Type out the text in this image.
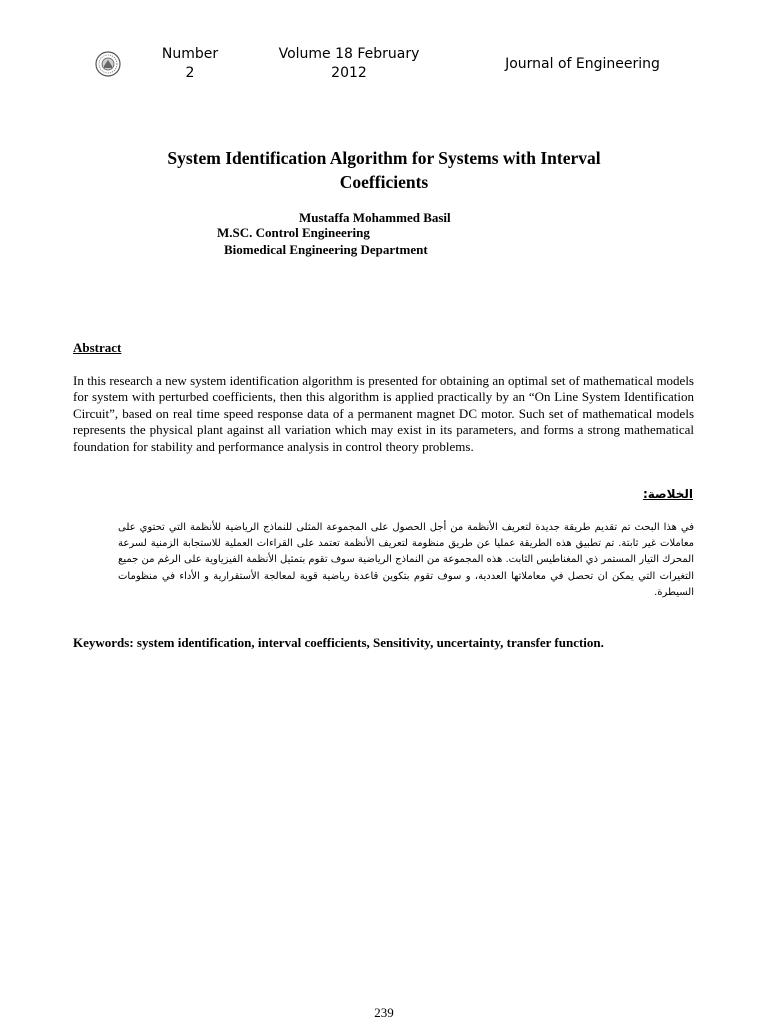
Number
2
Volume 18 February
2012
Journal of Engineering
System Identification Algorithm for Systems with Interval
Coefficients
Mustaffa Mohammed Basil
M.SC. Control Engineering
Biomedical Engineering Department
Abstract

In this research a new system identification algorithm is presented for obtaining an optimal set of mathematical models for system with perturbed coefficients, then this algorithm is applied practically by an “On Line System Identification Circuit”, based on real time speed response data of a permanent magnet DC motor. Such set of mathematical models represents the physical plant against all variation which may exist in its parameters, and forms a strong mathematical foundation for stability and performance analysis in control theory problems.

الخلاصة:

في هذا البحث تم تقديم طريقة جديدة لتعريف الأنظمة من أجل الحصول على المجموعة المثلى للنماذج الرياضية للأنظمة التي تحتوي على معاملات غير ثابتة. تم تطبيق هذه الطريقة عمليا عن طريق منظومة لتعريف الأنظمة تعتمد على القراءات العملية للاستجابة الزمنية لسرعة المحرك التيار المستمر ذي المغناطيس الثابت. هذه المجموعة من النماذج الرياضية سوف تقوم بتمثيل الأنظمة الفيزياوية على الرغم من جميع التغيرات التي يمكن ان تحصل في معاملاتها العددية، و سوف تقوم بتكوين قاعدة رياضية قوية لمعالجة الأستقرارية و الأداء في منظومات السيطرة.

Keywords: system identification, interval coefficients, Sensitivity, uncertainty, transfer function.

239
